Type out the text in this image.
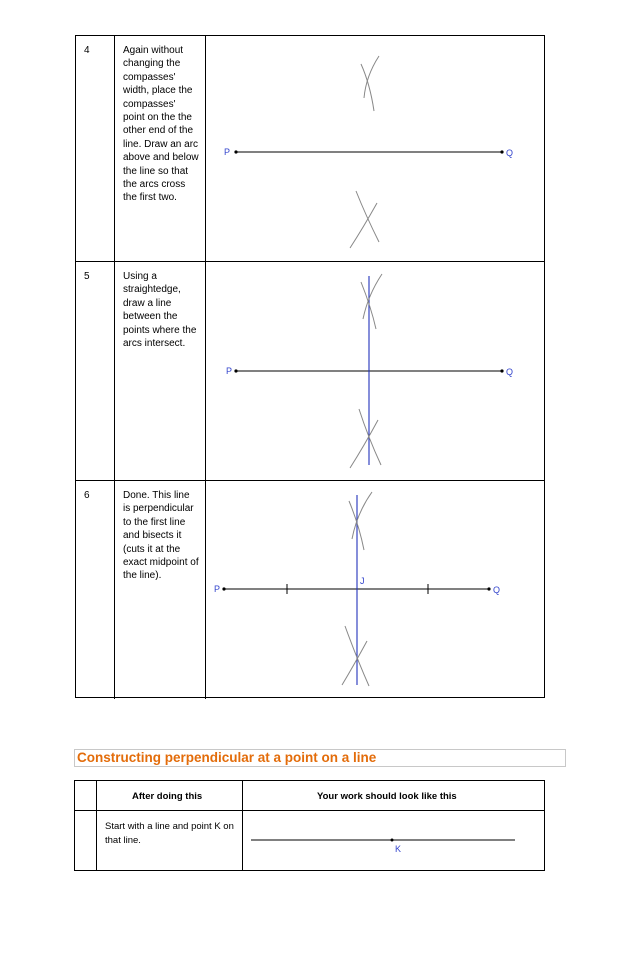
4	Again without changing the compasses' width, place the compasses' point on the the other end of the line. Draw an arc above and below the line so that the arcs cross the first two.
P	Q
5	Using a straightedge, draw a line between the points where the arcs intersect.
P	Q
6	Done. This line is perpendicular to the first line and bisects it (cuts it at the exact midpoint of the line).
P	Q
J
Constructing perpendicular at a point on a line
After doing this	Your work should look like this
Start with a line and point K on that line.
K
